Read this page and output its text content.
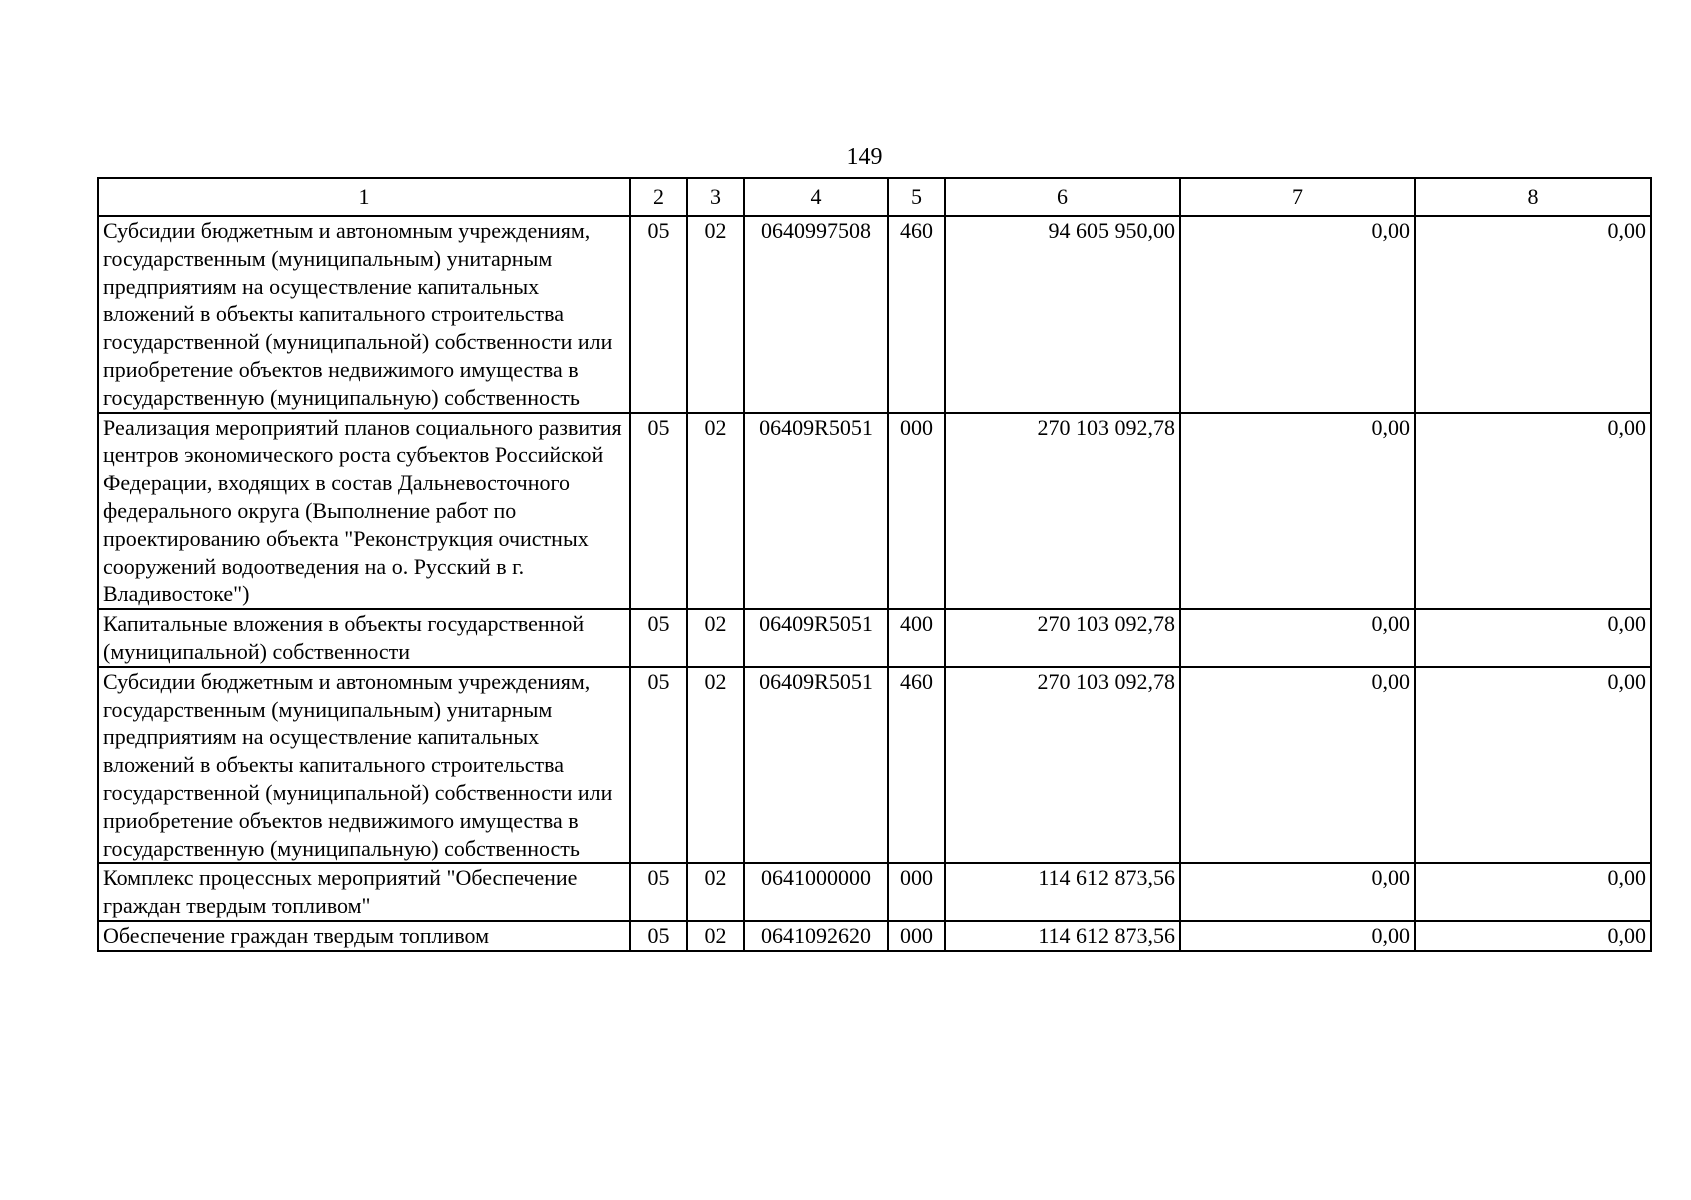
149
1	2	3	4	5	6	7	8
Субсидии бюджетным и автономным учреждениям, государственным (муниципальным) унитарным предприятиям на осуществление капитальных вложений в объекты капитального строительства государственной (муниципальной) собственности или приобретение объектов недвижимого имущества в государственную (муниципальную) собственность	05	02	0640997508	460	94 605 950,00	0,00	0,00
Реализация мероприятий планов социального развития центров экономического роста субъектов Российской Федерации, входящих в состав Дальневосточного федерального округа (Выполнение работ по проектированию объекта "Реконструкция очистных сооружений водоотведения на о. Русский в г. Владивостоке")	05	02	06409R5051	000	270 103 092,78	0,00	0,00
Капитальные вложения в объекты государственной (муниципальной) собственности	05	02	06409R5051	400	270 103 092,78	0,00	0,00
Субсидии бюджетным и автономным учреждениям, государственным (муниципальным) унитарным предприятиям на осуществление капитальных вложений в объекты капитального строительства государственной (муниципальной) собственности или приобретение объектов недвижимого имущества в государственную (муниципальную) собственность	05	02	06409R5051	460	270 103 092,78	0,00	0,00
Комплекс процессных мероприятий "Обеспечение граждан твердым топливом"	05	02	0641000000	000	114 612 873,56	0,00	0,00
Обеспечение граждан твердым топливом	05	02	0641092620	000	114 612 873,56	0,00	0,00
